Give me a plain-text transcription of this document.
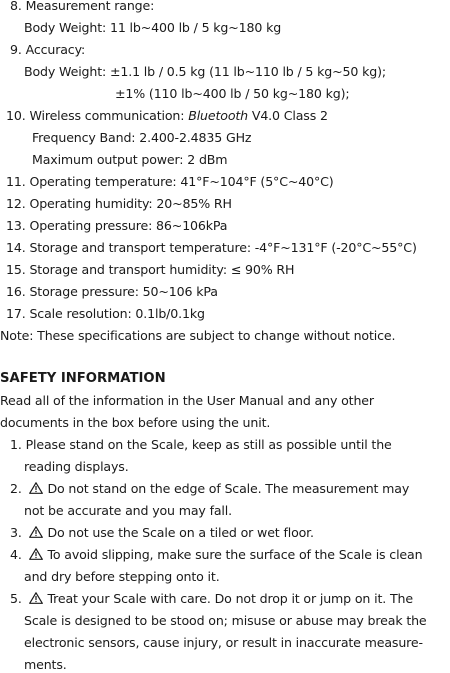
8. Measurement range:
Body Weight: 11 lb~400 lb / 5 kg~180 kg
9. Accuracy:
Body Weight: ±1.1 lb / 0.5 kg (11 lb~110 lb / 5 kg~50 kg);
±1% (110 lb~400 lb / 50 kg~180 kg);
10. Wireless communication: Bluetooth V4.0 Class 2
Frequency Band: 2.400-2.4835 GHz
Maximum output power: 2 dBm
11. Operating temperature: 41°F~104°F (5°C~40°C)
12. Operating humidity: 20~85% RH
13. Operating pressure: 86~106kPa
14. Storage and transport temperature: -4°F~131°F (-20°C~55°C)
15. Storage and transport humidity: ≤ 90% RH
16. Storage pressure: 50~106 kPa
17. Scale resolution: 0.1lb/0.1kg
Note: These specifications are subject to change without notice.
SAFETY INFORMATION
Read all of the information in the User Manual and any other
documents in the box before using the unit.
1. Please stand on the Scale, keep as still as possible until the
reading displays.
2. Do not stand on the edge of Scale. The measurement may
not be accurate and you may fall.
3. Do not use the Scale on a tiled or wet floor.
4. To avoid slipping, make sure the surface of the Scale is clean
and dry before stepping onto it.
5. Treat your Scale with care. Do not drop it or jump on it. The
Scale is designed to be stood on; misuse or abuse may break the
electronic sensors, cause injury, or result in inaccurate measure-
ments.
